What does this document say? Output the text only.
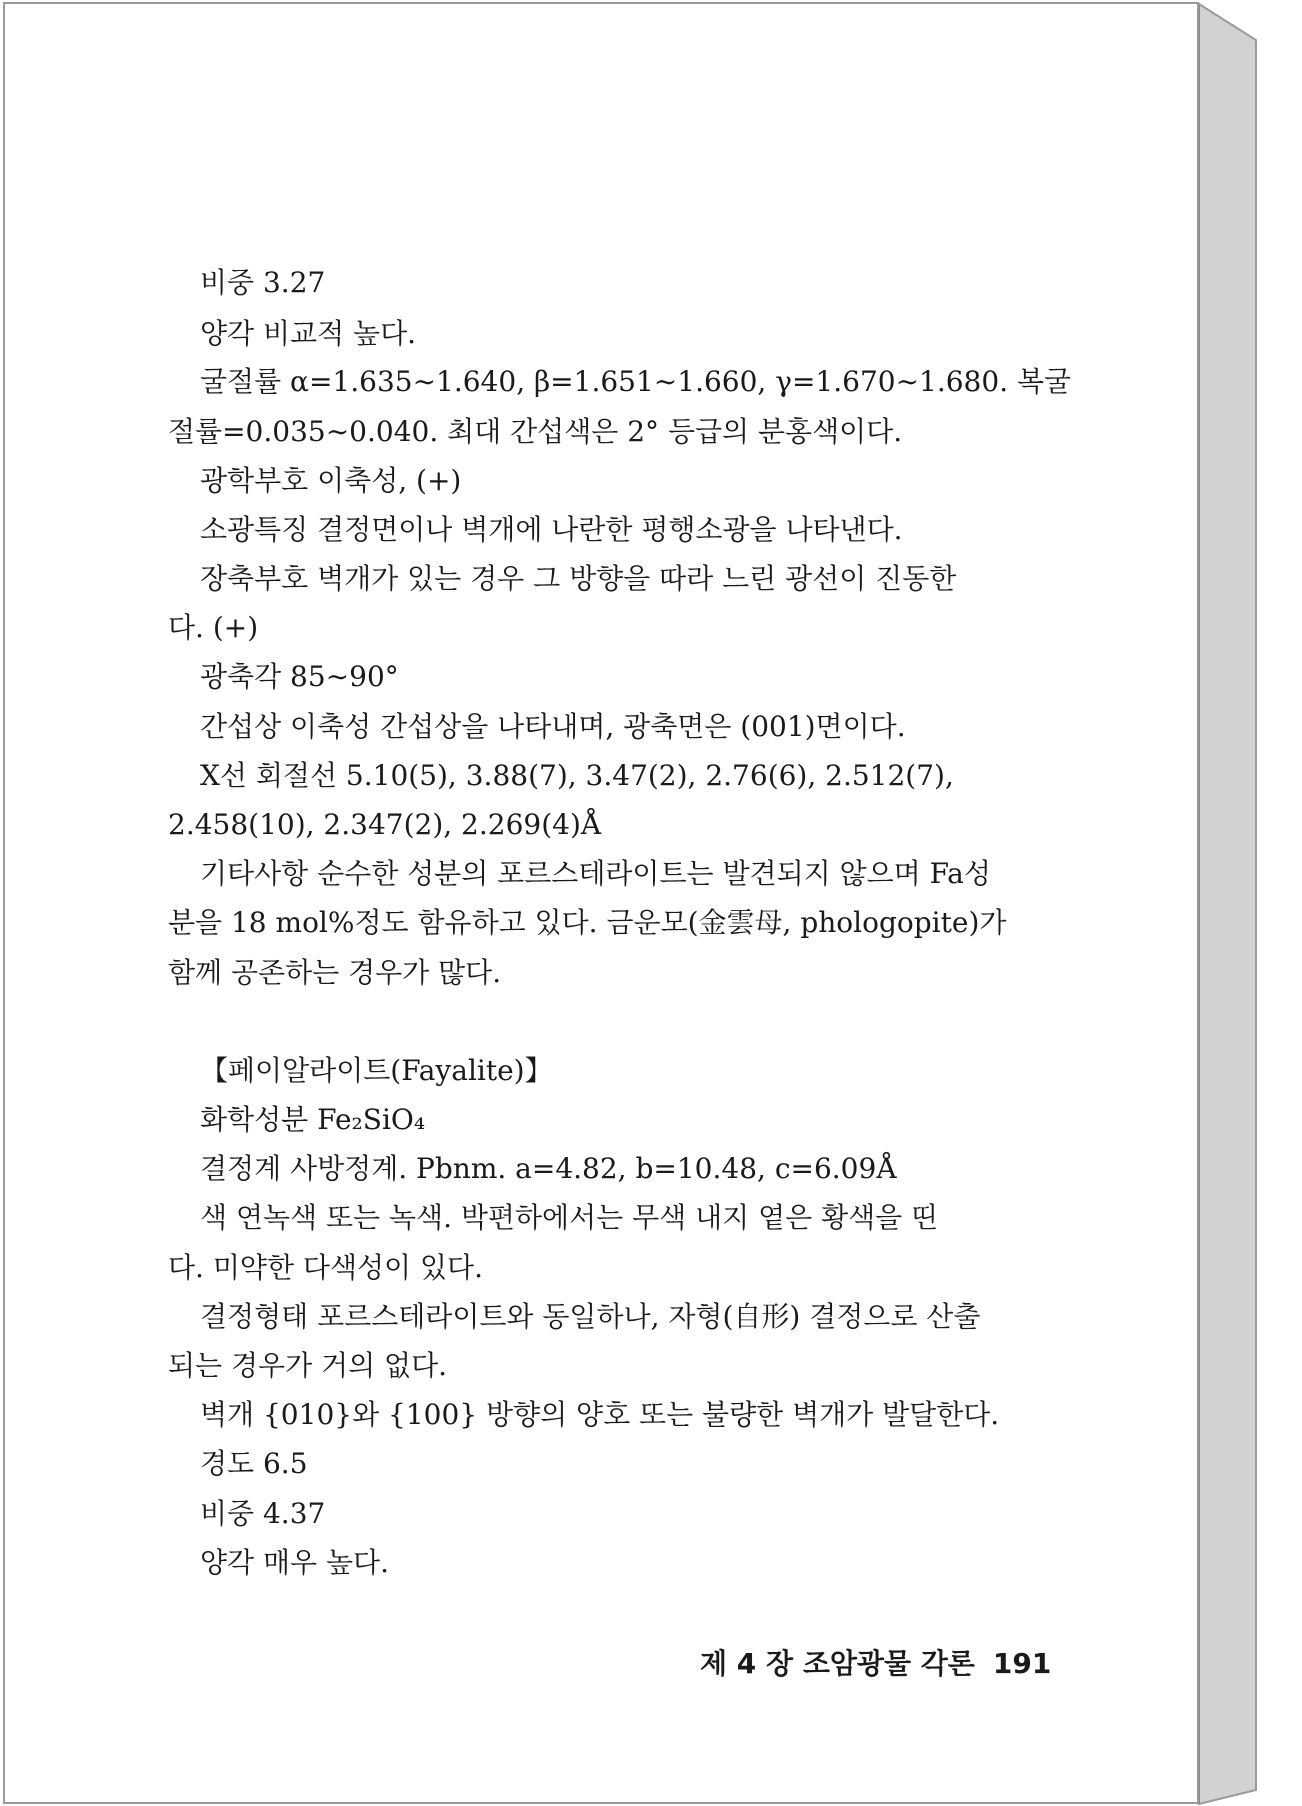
비중 3.27
양각 비교적 높다.
굴절률 α=1.635∼1.640, β=1.651∼1.660, γ=1.670∼1.680. 복굴
절률=0.035∼0.040. 최대 간섭색은 2° 등급의 분홍색이다.
광학부호 이축성, (+)
소광특징 결정면이나 벽개에 나란한 평행소광을 나타낸다.
장축부호 벽개가 있는 경우 그 방향을 따라 느린 광선이 진동한
다. (+)
광축각 85∼90°
간섭상 이축성 간섭상을 나타내며, 광축면은 (001)면이다.
X선 회절선 5.10(5), 3.88(7), 3.47(2), 2.76(6), 2.512(7),
2.458(10), 2.347(2), 2.269(4)Å
기타사항 순수한 성분의 포르스테라이트는 발견되지 않으며 Fa성
분을 18 mol%정도 함유하고 있다. 금운모(金雲母, phologopite)가
함께 공존하는 경우가 많다.
【페이알라이트(Fayalite)】
화학성분 Fe₂SiO₄
결정계 사방정계. Pbnm. a=4.82, b=10.48, c=6.09Å
색 연녹색 또는 녹색. 박편하에서는 무색 내지 옅은 황색을 띤
다. 미약한 다색성이 있다.
결정형태 포르스테라이트와 동일하나, 자형(自形) 결정으로 산출
되는 경우가 거의 없다.
벽개 {010}와 {100} 방향의 양호 또는 불량한 벽개가 발달한다.
경도 6.5
비중 4.37
양각 매우 높다.
제 4 장 조암광물 각론 191
